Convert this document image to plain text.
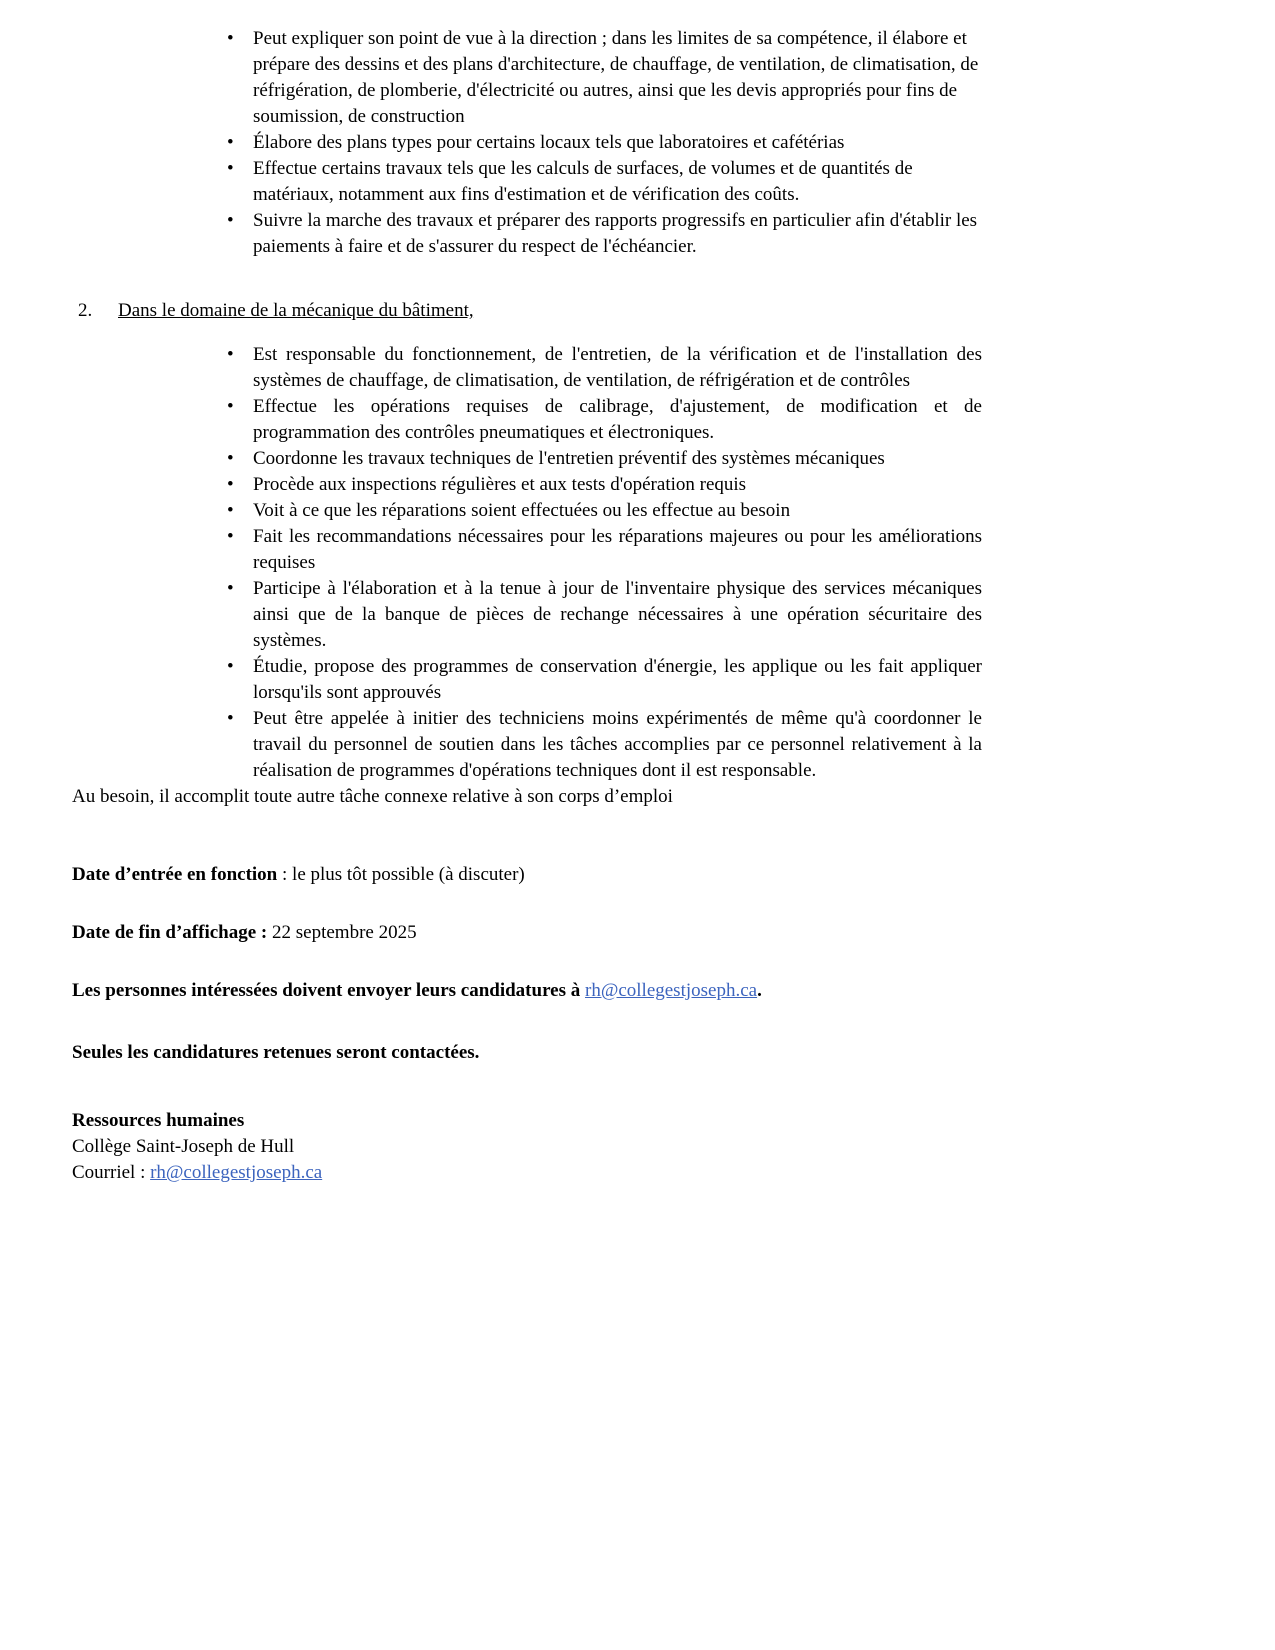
• Peut expliquer son point de vue à la direction ; dans les limites de sa compétence, il élabore et prépare des dessins et des plans d'architecture, de chauffage, de ventilation, de climatisation, de réfrigération, de plomberie, d'électricité ou autres, ainsi que les devis appropriés pour fins de soumission, de construction
• Élabore des plans types pour certains locaux tels que laboratoires et cafétérias
• Effectue certains travaux tels que les calculs de surfaces, de volumes et de quantités de matériaux, notamment aux fins d'estimation et de vérification des coûts.
• Suivre la marche des travaux et préparer des rapports progressifs en particulier afin d'établir les paiements à faire et de s'assurer du respect de l'échéancier.
2.	Dans le domaine de la mécanique du bâtiment,
• Est responsable du fonctionnement, de l'entretien, de la vérification et de l'installation des systèmes de chauffage, de climatisation, de ventilation, de réfrigération et de contrôles
• Effectue les opérations requises de calibrage, d'ajustement, de modification et de programmation des contrôles pneumatiques et électroniques.
• Coordonne les travaux techniques de l'entretien préventif des systèmes mécaniques
• Procède aux inspections régulières et aux tests d'opération requis
• Voit à ce que les réparations soient effectuées ou les effectue au besoin
• Fait les recommandations nécessaires pour les réparations majeures ou pour les améliorations requises
• Participe à l'élaboration et à la tenue à jour de l'inventaire physique des services mécaniques ainsi que de la banque de pièces de rechange nécessaires à une opération sécuritaire des systèmes.
• Étudie, propose des programmes de conservation d'énergie, les applique ou les fait appliquer lorsqu'ils sont approuvés
• Peut être appelée à initier des techniciens moins expérimentés de même qu'à coordonner le travail du personnel de soutien dans les tâches accomplies par ce personnel relativement à la réalisation de programmes d'opérations techniques dont il est responsable.

Au besoin, il accomplit toute autre tâche connexe relative à son corps d’emploi

Date d’entrée en fonction : le plus tôt possible (à discuter)

Date de fin d’affichage : 22 septembre 2025

Les personnes intéressées doivent envoyer leurs candidatures à rh@collegestjoseph.ca.

Seules les candidatures retenues seront contactées.

Ressources humaines

Collège Saint-Joseph de Hull

Courriel : rh@collegestjoseph.ca
